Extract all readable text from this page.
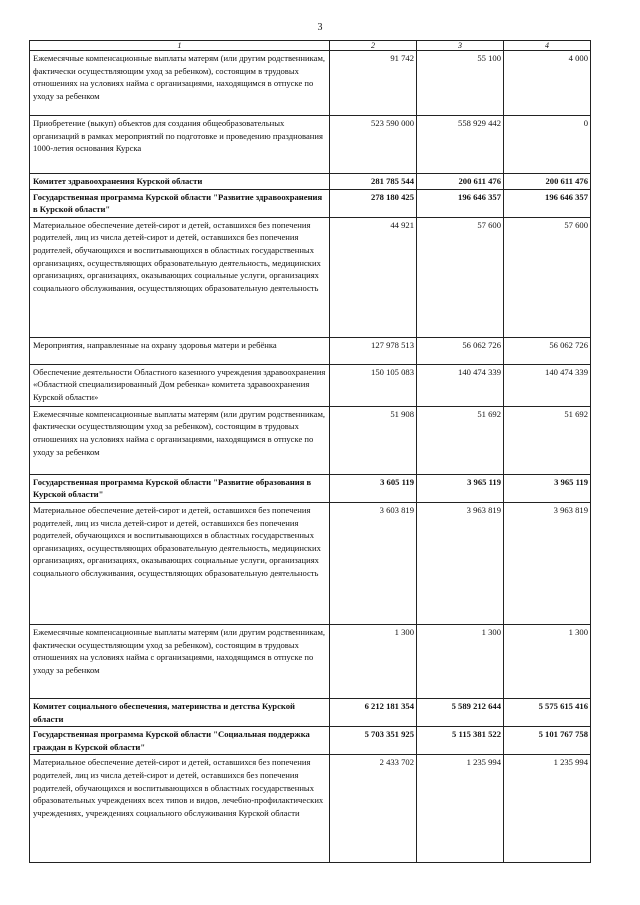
3
1	2	3	4
Ежемесячные компенсационные выплаты матерям (или другим родственникам, фактически осуществляющим уход за ребенком), состоящим в трудовых отношениях на условиях найма с организациями, находящимся в отпуске по уходу за ребенком	91 742	55 100	4 000
Приобретение (выкуп) объектов для создания общеобразовательных организаций в рамках мероприятий по подготовке и проведению празднования 1000-летия основания Курска	523 590 000	558 929 442	0
Комитет здравоохранения Курской области	281 785 544	200 611 476	200 611 476
Государственная программа Курской области "Развитие здравоохранения в Курской области"	278 180 425	196 646 357	196 646 357
Материальное обеспечение детей-сирот и детей, оставшихся без попечения родителей, лиц из числа детей-сирот и детей, оставшихся без попечения родителей, обучающихся и воспитывающихся в областных государственных организациях, осуществляющих образовательную деятельность, медицинских организациях, организациях, оказывающих социальные услуги, организациях социального обслуживания, осуществляющих образовательную деятельность	44 921	57 600	57 600
Мероприятия, направленные на охрану здоровья матери и ребёнка	127 978 513	56 062 726	56 062 726
Обеспечение деятельности Областного казенного учреждения здравоохранения «Областной специализированный Дом ребенка» комитета здравоохранения Курской области»	150 105 083	140 474 339	140 474 339
Ежемесячные компенсационные выплаты матерям (или другим родственникам, фактически осуществляющим уход за ребенком), состоящим в трудовых отношениях на условиях найма с организациями, находящимся в отпуске по уходу за ребенком	51 908	51 692	51 692
Государственная программа Курской области "Развитие образования в Курской области"	3 605 119	3 965 119	3 965 119
Материальное обеспечение детей-сирот и детей, оставшихся без попечения родителей, лиц из числа детей-сирот и детей, оставшихся без попечения родителей, обучающихся и воспитывающихся в областных государственных организациях, осуществляющих образовательную деятельность, медицинских организациях, организациях, оказывающих социальные услуги, организациях социального обслуживания, осуществляющих образовательную деятельность	3 603 819	3 963 819	3 963 819
Ежемесячные компенсационные выплаты матерям (или другим родственникам, фактически осуществляющим уход за ребенком), состоящим в трудовых отношениях на условиях найма с организациями, находящимся в отпуске по уходу за ребенком	1 300	1 300	1 300
Комитет социального обеспечения, материнства и детства Курской области	6 212 181 354	5 589 212 644	5 575 615 416
Государственная программа Курской области "Социальная поддержка граждан в Курской области"	5 703 351 925	5 115 381 522	5 101 767 758
Материальное обеспечение детей-сирот и детей, оставшихся без попечения родителей, лиц из числа детей-сирот и детей, оставшихся без попечения родителей, обучающихся и воспитывающихся в областных государственных образовательных учреждениях всех типов и видов, лечебно-профилактических учреждениях, учреждениях социального обслуживания Курской области	2 433 702	1 235 994	1 235 994
